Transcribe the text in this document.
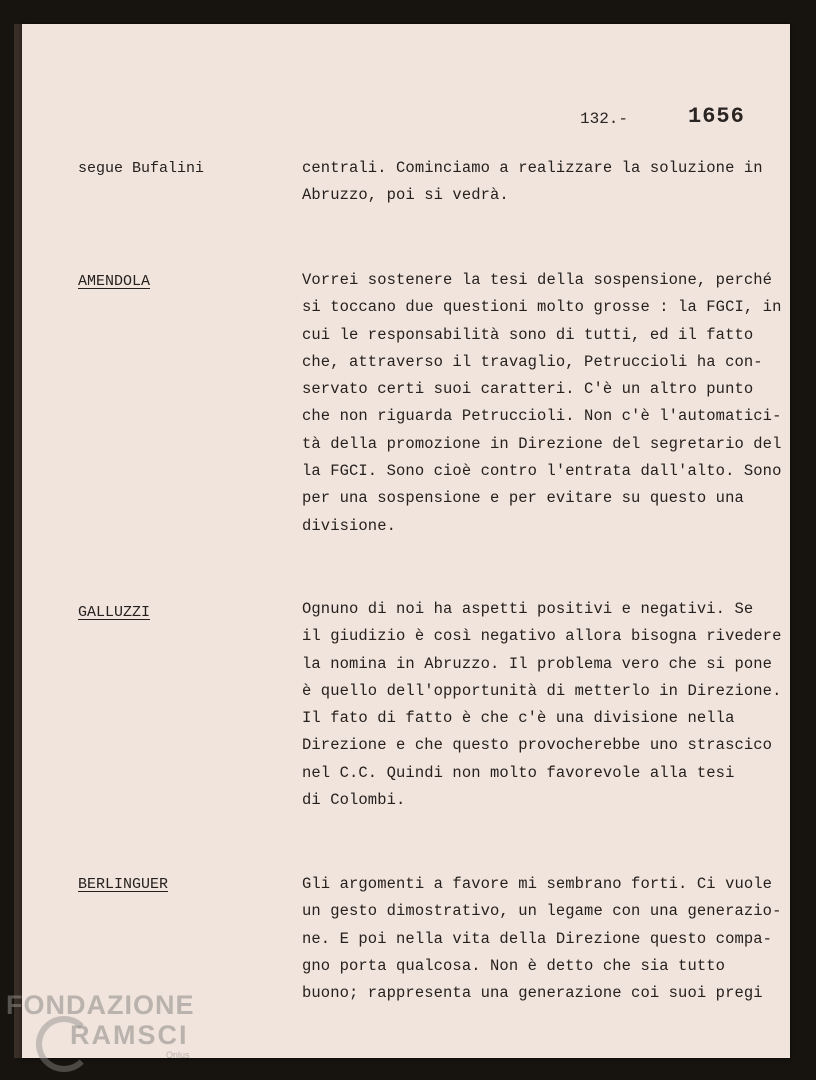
132.-	1656
segue Bufalini	centrali. Cominciamo a realizzare la soluzione in
Abruzzo, poi si vedrà.
AMENDOLA	Vorrei sostenere la tesi della sospensione, perché
si toccano due questioni molto grosse : la FGCI, in
cui le responsabilità sono di tutti, ed il fatto
che, attraverso il travaglio, Petruccioli ha con-
servato certi suoi caratteri. C'è un altro punto
che non riguarda Petruccioli. Non c'è l'automatici-
tà della promozione in Direzione del segretario del
la FGCI. Sono cioè contro l'entrata dall'alto. Sono
per una sospensione e per evitare su questo una
divisione.
GALLUZZI	Ognuno di noi ha aspetti positivi e negativi. Se
il giudizio è così negativo allora bisogna rivedere
la nomina in Abruzzo. Il problema vero che si pone
è quello dell'opportunità di metterlo in Direzione.
Il fato di fatto è che c'è una divisione nella
Direzione e che questo provocherebbe uno strascico
nel C.C. Quindi non molto favorevole alla tesi
di Colombi.
BERLINGUER	Gli argomenti a favore mi sembrano forti. Ci vuole
un gesto dimostrativo, un legame con una generazio-
ne. E poi nella vita della Direzione questo compa-
gno porta qualcosa. Non è detto che sia tutto
buono; rappresenta una generazione coi suoi pregi
FONDAZIONE
RAMSCI
Onlus
